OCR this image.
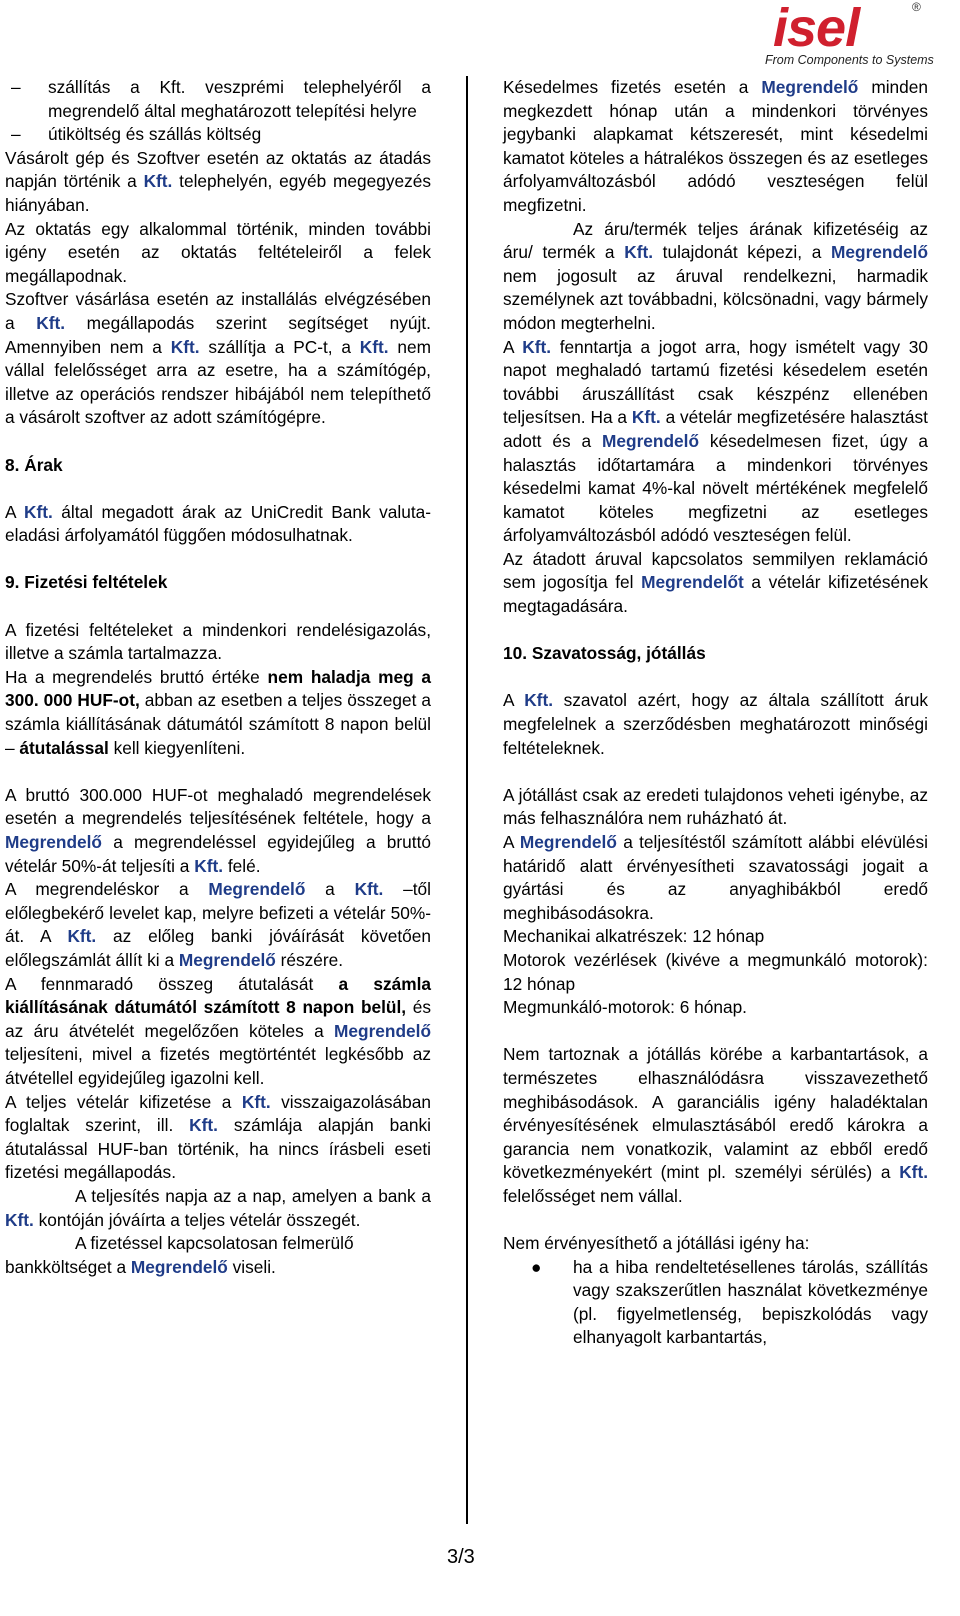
isel	®
From Components to Systems

– szállítás a Kft. veszprémi telephelyéről a megrendelő által meghatározott telepítési helyre

– útiköltség és szállás költség

Vásárolt gép és Szoftver esetén az oktatás az átadás napján történik a Kft. telephelyén, egyéb megegyezés hiányában.

Az oktatás egy alkalommal történik, minden további igény esetén az oktatás feltételeiről a felek megállapodnak.

Szoftver vásárlása esetén az installálás elvégzésében a Kft. megállapodás szerint segítséget nyújt. Amennyiben nem a Kft. szállítja a PC-t, a Kft. nem vállal felelősséget arra az esetre, ha a számítógép, illetve az operációs rendszer hibájából nem telepíthető a vásárolt szoftver az adott számítógépre.

8. Árak

A Kft. által megadott árak az UniCredit Bank valuta-eladási árfolyamától függően módosulhatnak.

9. Fizetési feltételek

A fizetési feltételeket a mindenkori rendelésigazolás, illetve a számla tartalmazza.

Ha a megrendelés bruttó értéke nem haladja meg a 300. 000 HUF-ot, abban az esetben a teljes összeget a számla kiállításának dátumától számított 8 napon belül – átutalással kell kiegyenlíteni.

A bruttó 300.000 HUF-ot meghaladó megrendelések esetén a megrendelés teljesítésének feltétele, hogy a Megrendelő a megrendeléssel egyidejűleg a bruttó vételár 50%-át teljesíti a Kft. felé.

A megrendeléskor a Megrendelő a Kft. –től előlegbekérő levelet kap, melyre befizeti a vételár 50%-át. A Kft. az előleg banki jóváírását követően előlegszámlát állít ki a Megrendelő részére.

A fennmaradó összeg átutalását a számla kiállításának dátumától számított 8 napon belül, és az áru átvételét megelőzően köteles a Megrendelő teljesíteni, mivel a fizetés megtörténtét legkésőbb az átvétellel egyidejűleg igazolni kell.

A teljes vételár kifizetése a Kft. visszaigazolásában foglaltak szerint, ill. Kft. számlája alapján banki átutalással HUF-ban történik, ha nincs írásbeli eseti fizetési megállapodás.

A teljesítés napja az a nap, amelyen a bank a Kft. kontóján jóváírta a teljes vételár összegét.

A fizetéssel kapcsolatosan felmerülő bankköltséget a Megrendelő viseli.

Késedelmes fizetés esetén a Megrendelő minden megkezdett hónap után a mindenkori törvényes jegybanki alapkamat kétszeresét, mint késedelmi kamatot köteles a hátralékos összegen és az esetleges árfolyamváltozásból adódó veszteségen felül megfizetni.

Az áru/termék teljes árának kifizetéséig az áru/ termék a Kft. tulajdonát képezi, a Megrendelő nem jogosult az áruval rendelkezni, harmadik személynek azt továbbadni, kölcsönadni, vagy bármely módon megterhelni.

A Kft. fenntartja a jogot arra, hogy ismételt vagy 30 napot meghaladó tartamú fizetési késedelem esetén további áruszállítást csak készpénz ellenében teljesítsen. Ha a Kft. a vételár megfizetésére halasztást adott és a Megrendelő késedelmesen fizet, úgy a halasztás időtartamára a mindenkori törvényes késedelmi kamat 4%-kal növelt mértékének megfelelő kamatot köteles megfizetni az esetleges árfolyamváltozásból adódó veszteségen felül.

Az átadott áruval kapcsolatos semmilyen reklamáció sem jogosítja fel Megrendelőt a vételár kifizetésének megtagadására.

10. Szavatosság, jótállás

A Kft. szavatol azért, hogy az általa szállított áruk megfelelnek a szerződésben meghatározott minőségi feltételeknek.

A jótállást csak az eredeti tulajdonos veheti igénybe, az más felhasználóra nem ruházható át.

A Megrendelő a teljesítéstől számított alábbi elévülési határidő alatt érvényesítheti szavatossági jogait a gyártási és az anyaghibákból eredő meghibásodásokra.

Mechanikai alkatrészek: 12 hónap

Motorok vezérlések (kivéve a megmunkáló motorok): 12 hónap

Megmunkáló-motorok: 6 hónap.

Nem tartoznak a jótállás körébe a karbantartások, a természetes elhasználódásra visszavezethető meghibásodások. A garanciális igény haladéktalan érvényesítésének elmulasztásából eredő károkra a garancia nem vonatkozik, valamint az ebből eredő következményekért (mint pl. személyi sérülés) a Kft. felelősséget nem vállal.

Nem érvényesíthető a jótállási igény ha:

● ha a hiba rendeltetésellenes tárolás, szállítás vagy szakszerűtlen használat következménye (pl. figyelmetlenség, bepiszkolódás vagy elhanyagolt karbantartás,

3/3
